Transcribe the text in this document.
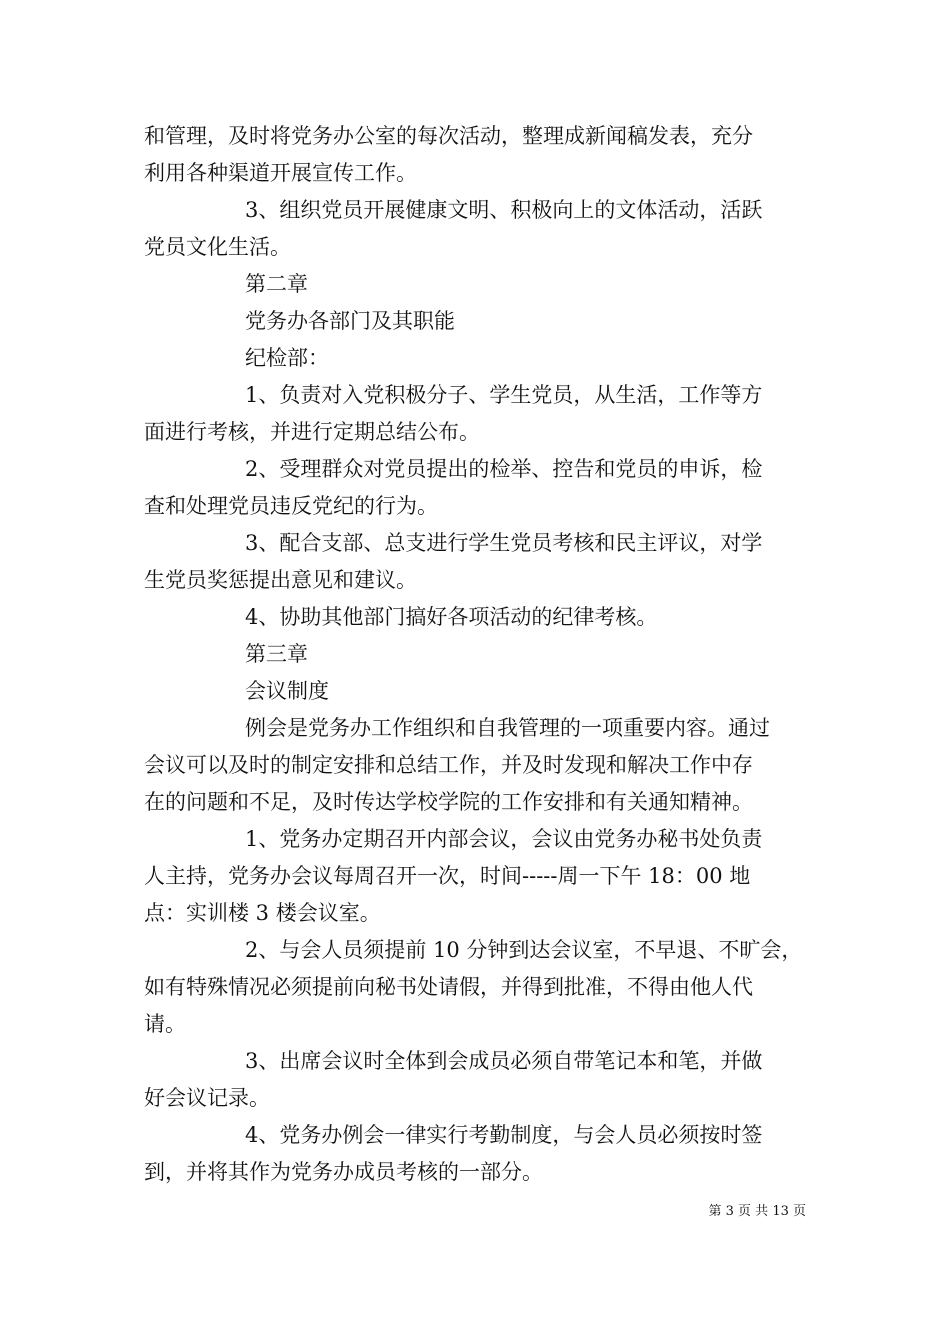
和管理，及时将党务办公室的每次活动，整理成新闻稿发表，充分
利用各种渠道开展宣传工作。
3、组织党员开展健康文明、积极向上的文体活动，活跃
党员文化生活。
第二章
党务办各部门及其职能
纪检部：
1、负责对入党积极分子、学生党员，从生活，工作等方
面进行考核，并进行定期总结公布。
2、受理群众对党员提出的检举、控告和党员的申诉，检
查和处理党员违反党纪的行为。
3、配合支部、总支进行学生党员考核和民主评议，对学
生党员奖惩提出意见和建议。
4、协助其他部门搞好各项活动的纪律考核。
第三章
会议制度
例会是党务办工作组织和自我管理的一项重要内容。通过
会议可以及时的制定安排和总结工作，并及时发现和解决工作中存
在的问题和不足，及时传达学校学院的工作安排和有关通知精神。
1、党务办定期召开内部会议，会议由党务办秘书处负责
人主持，党务办会议每周召开一次，时间-----周一下午 18：00 地
点：实训楼 3 楼会议室。
2、与会人员须提前 10 分钟到达会议室，不早退、不旷会，
如有特殊情况必须提前向秘书处请假，并得到批准，不得由他人代
请。
3、出席会议时全体到会成员必须自带笔记本和笔，并做
好会议记录。
4、党务办例会一律实行考勤制度，与会人员必须按时签
到，并将其作为党务办成员考核的一部分。
第 3 页 共 13 页
